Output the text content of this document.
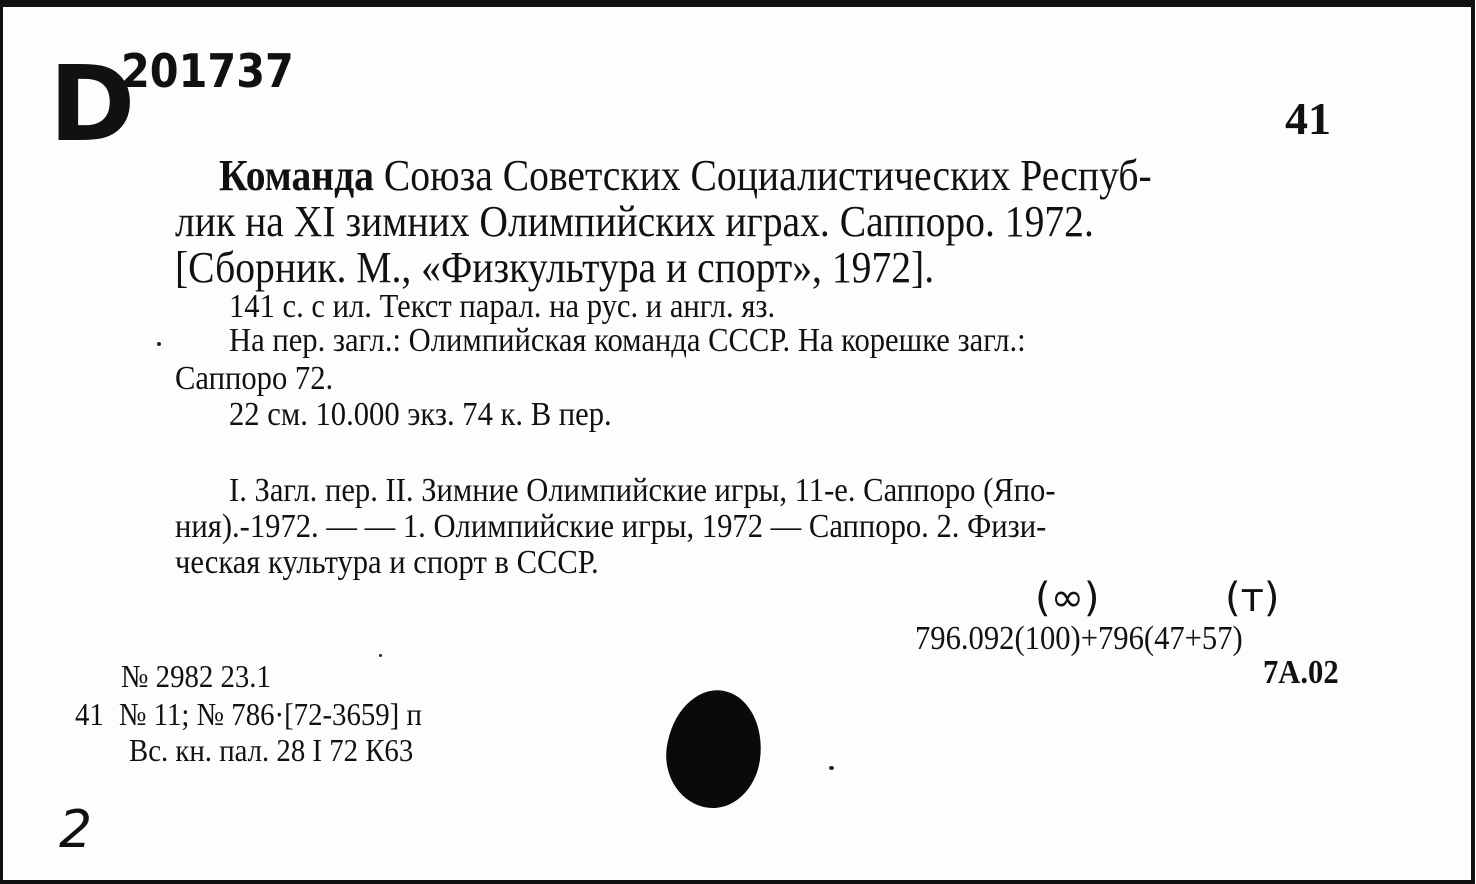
D
201737
41
Команда Союза Советских Социалистических Респуб-
лик на XI зимних Олимпийских играх. Саппоро. 1972.
[Сборник. М., «Физкультура и спорт», 1972].
141 с. с ил. Текст парал. на рус. и англ. яз.
На пер. загл.: Олимпийская команда СССР. На корешке загл.:
Саппоро 72.
22 см. 10.000 экз. 74 к. В пер.
I. Загл. пер. II. Зимние Олимпийские игры, 11-е. Саппоро (Япо-
ния).-1972. — — 1. Олимпийские игры, 1972 — Саппоро. 2. Физи-
ческая культура и спорт в СССР.
(∞)	(т)
796.092(100)+796(47+57)
7А.02
№ 2982 23.1
41 № 11; № 786·[72-3659] п
Вс. кн. пал. 28 I 72 К63
2
